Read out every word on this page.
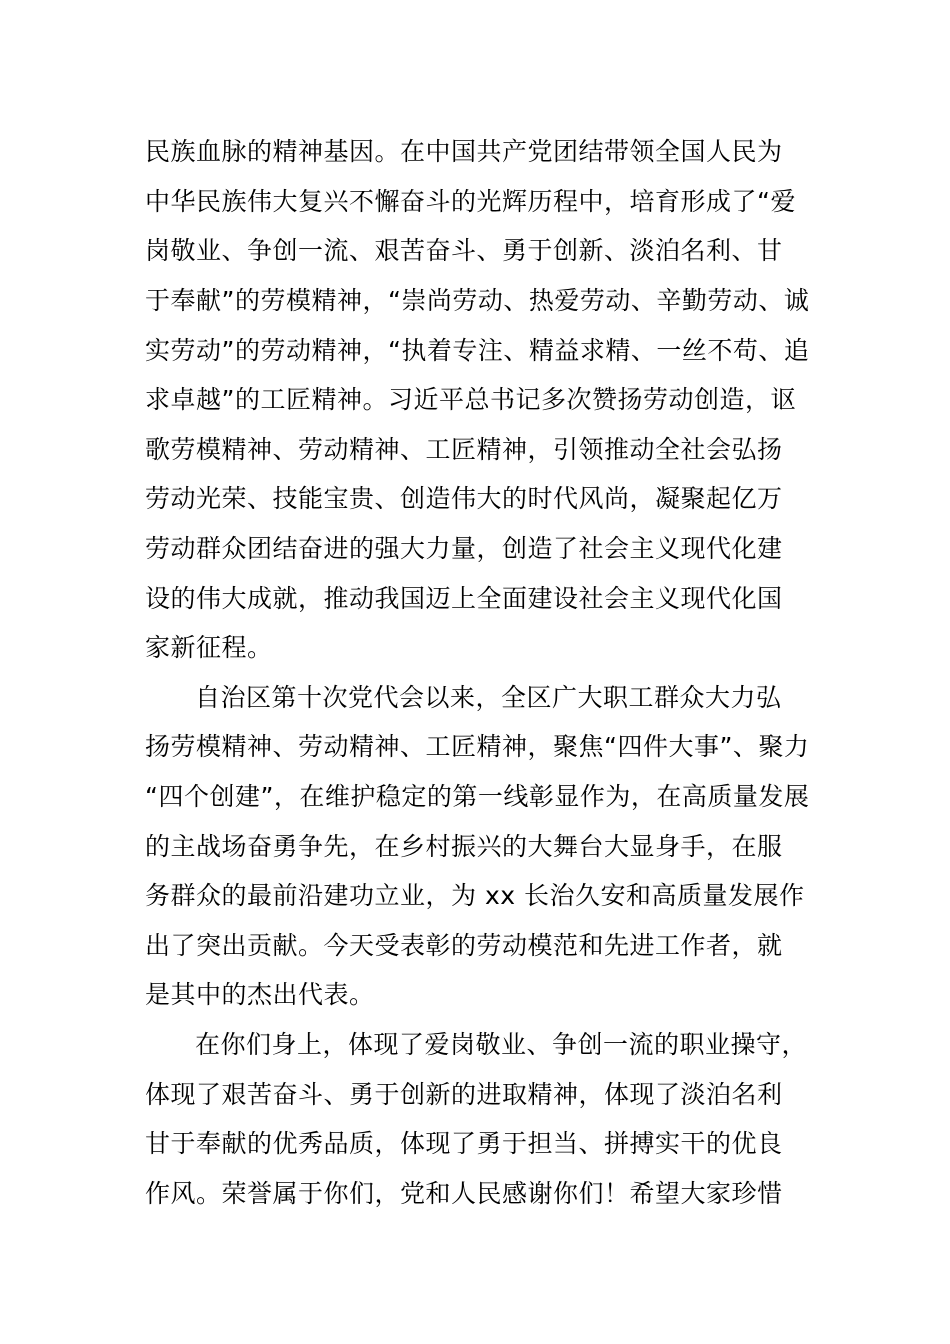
民族血脉的精神基因。在中国共产党团结带领全国人民为
中华民族伟大复兴不懈奋斗的光辉历程中，培育形成了“爱
岗敬业、争创一流、艰苦奋斗、勇于创新、淡泊名利、甘
于奉献”的劳模精神，“崇尚劳动、热爱劳动、辛勤劳动、诚
实劳动”的劳动精神，“执着专注、精益求精、一丝不苟、追
求卓越”的工匠精神。习近平总书记多次赞扬劳动创造，讴
歌劳模精神、劳动精神、工匠精神，引领推动全社会弘扬
劳动光荣、技能宝贵、创造伟大的时代风尚，凝聚起亿万
劳动群众团结奋进的强大力量，创造了社会主义现代化建
设的伟大成就，推动我国迈上全面建设社会主义现代化国
家新征程。
自治区第十次党代会以来，全区广大职工群众大力弘
扬劳模精神、劳动精神、工匠精神，聚焦“四件大事”、聚力
“四个创建”，在维护稳定的第一线彰显作为，在高质量发展
的主战场奋勇争先，在乡村振兴的大舞台大显身手，在服
务群众的最前沿建功立业，为 xx 长治久安和高质量发展作
出了突出贡献。今天受表彰的劳动模范和先进工作者，就
是其中的杰出代表。
在你们身上，体现了爱岗敬业、争创一流的职业操守，
体现了艰苦奋斗、勇于创新的进取精神，体现了淡泊名利
甘于奉献的优秀品质，体现了勇于担当、拼搏实干的优良
作风。荣誉属于你们，党和人民感谢你们！希望大家珍惜
